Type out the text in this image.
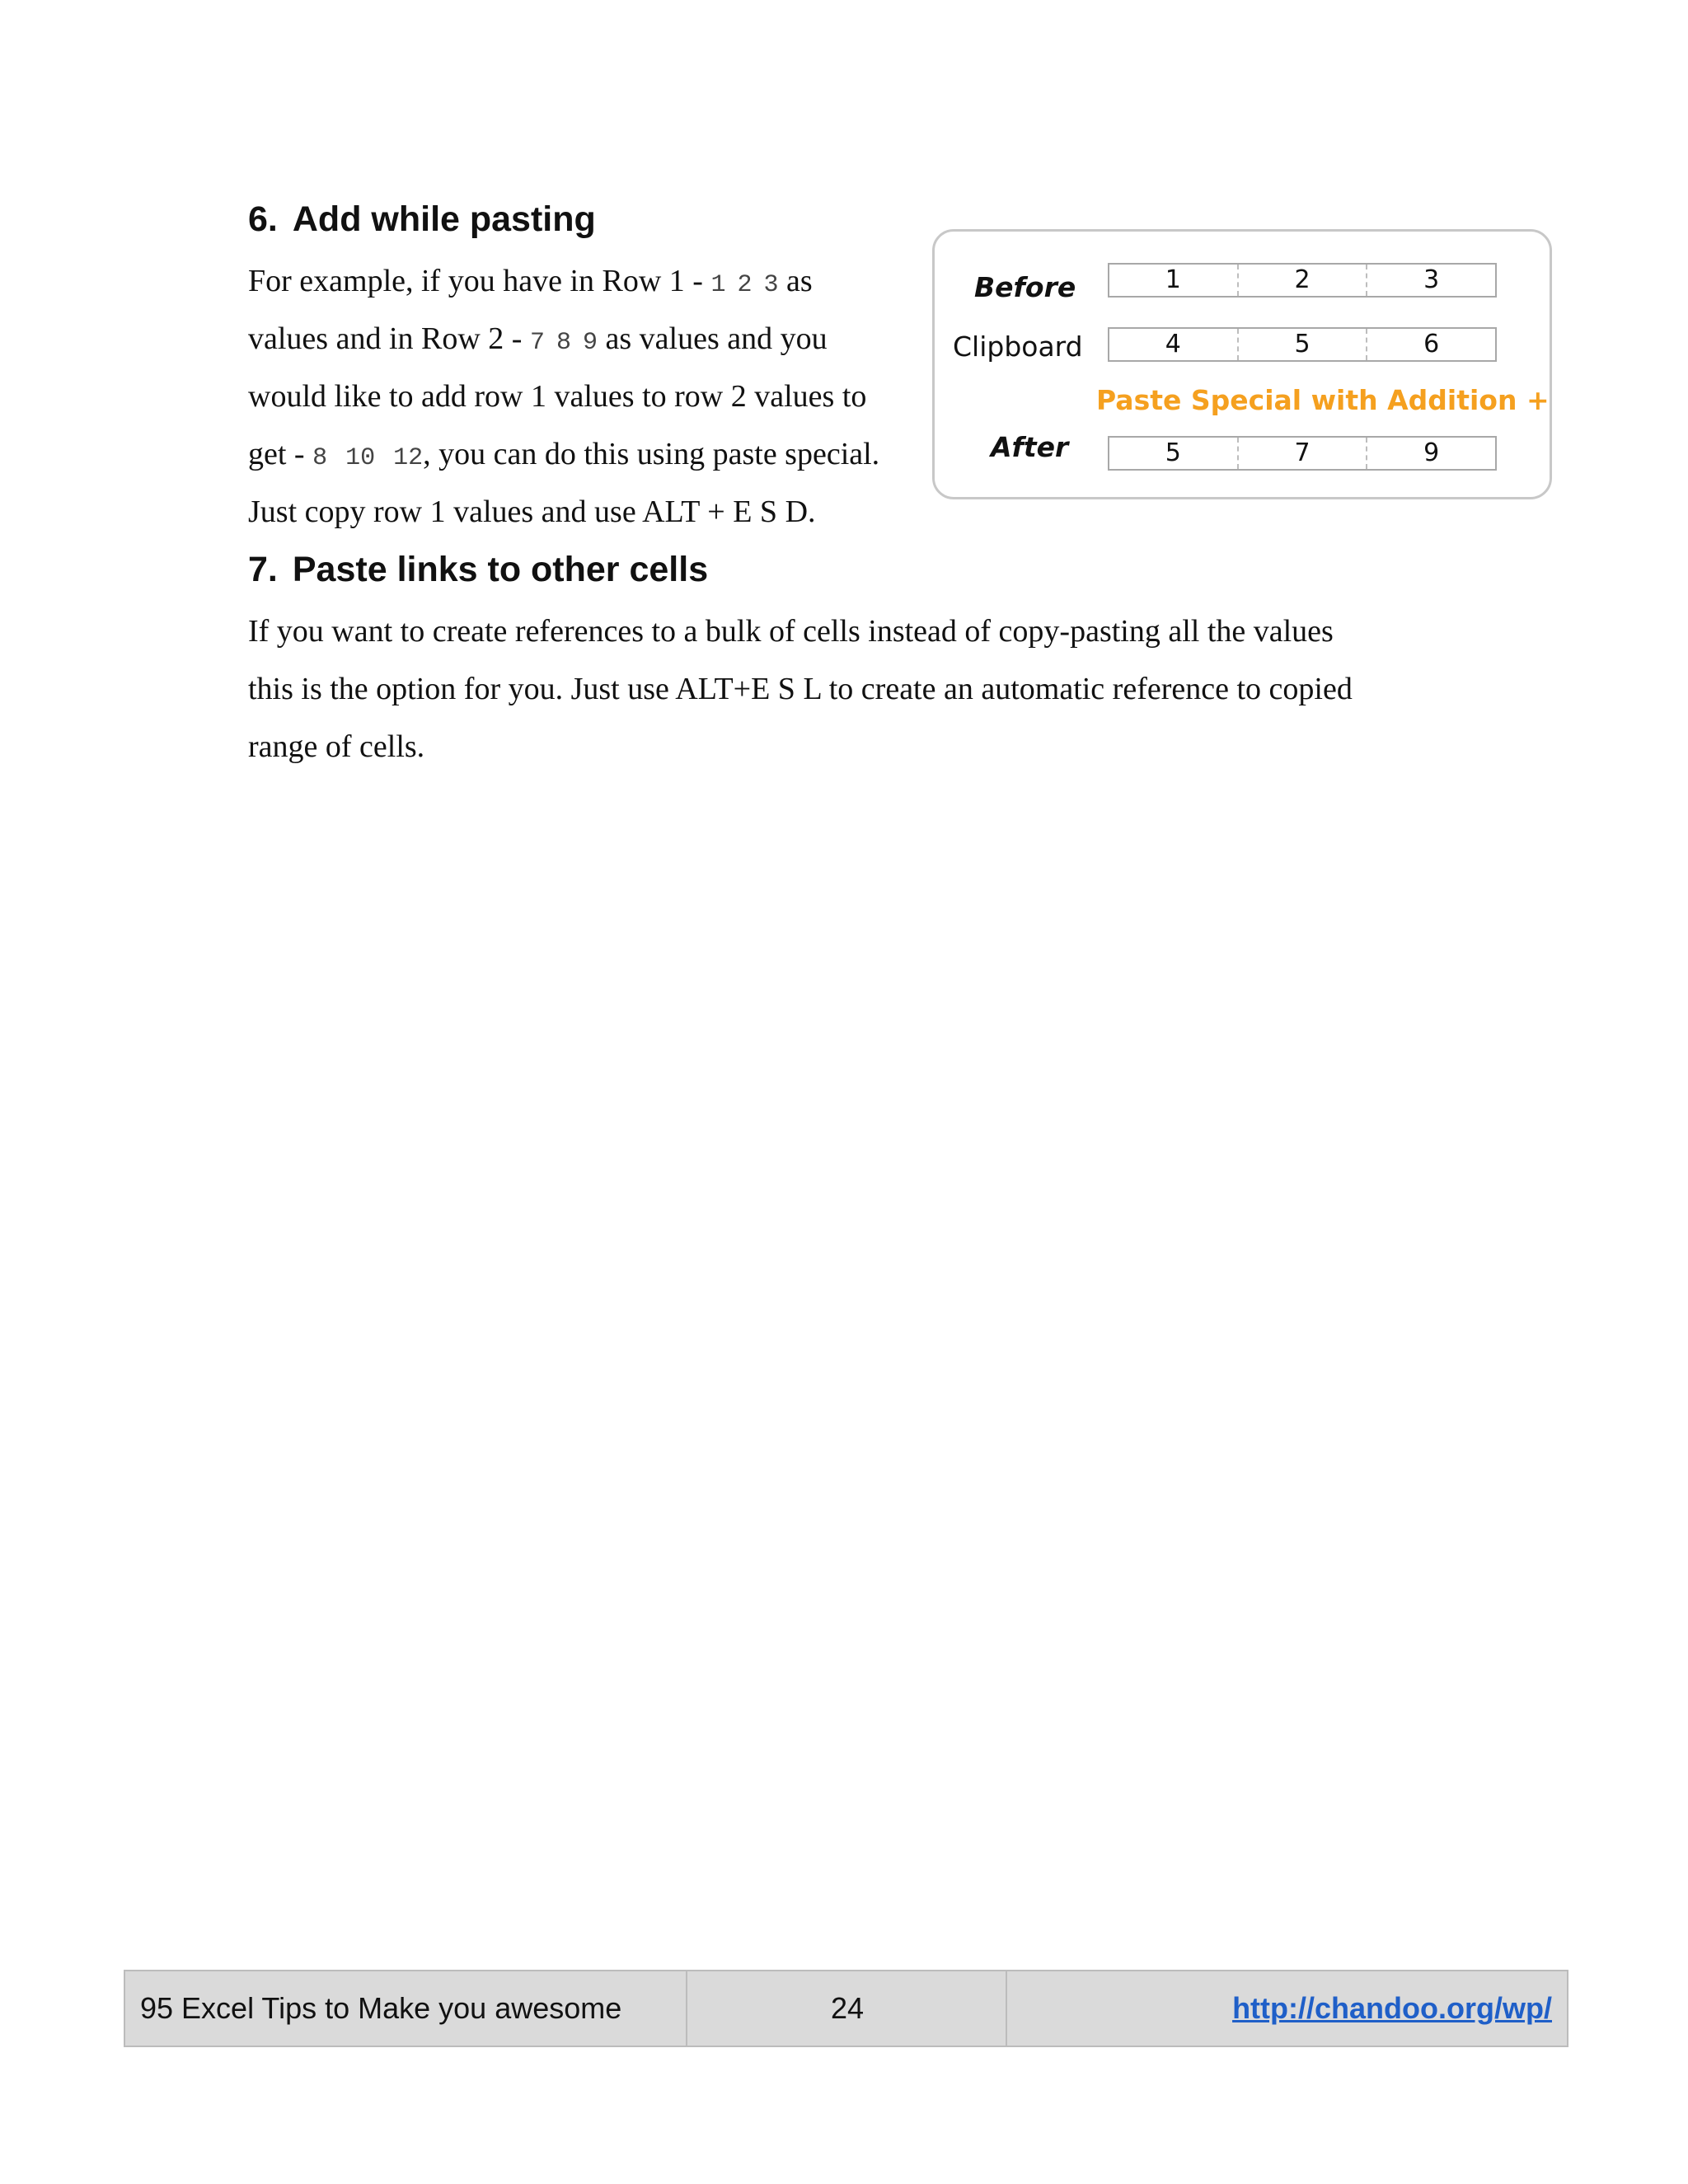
6. Add while pasting

For example, if you have in Row 1 - 1 2 3 as
values and in Row 2 - 7 8 9 as values and you
would like to add row 1 values to row 2 values to
get - 8 10 12, you can do this using paste special.
Just copy row 1 values and use ALT + E S D.

Before	1	2	3
Clipboard	4	5	6
Paste Special with Addition +
After	5	7	9
7. Paste links to other cells

If you want to create references to a bulk of cells instead of copy-pasting all the values
this is the option for you. Just use ALT+E S L to create an automatic reference to copied
range of cells.

95 Excel Tips to Make you awesome	24	http://chandoo.org/wp/
